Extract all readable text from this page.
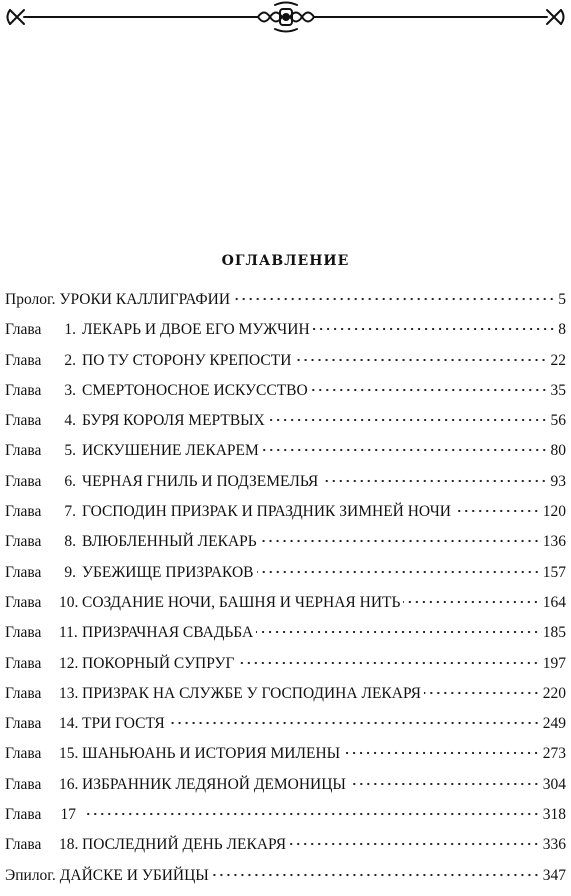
оглавление
Пролог. УРОКИ КАЛЛИГРАФИИ	5
Глава	1. ЛЕКАРЬ И ДВОЕ ЕГО МУЖЧИН	8
Глава	2. ПО ТУ СТОРОНУ КРЕПОСТИ	22
Глава	3. СМЕРТОНОСНОЕ ИСКУССТВО	35
Глава	4. БУРЯ КОРОЛЯ МЕРТВЫХ	56
Глава	5. ИСКУШЕНИЕ ЛЕКАРЕМ	80
Глава	6. ЧЕРНАЯ ГНИЛЬ И ПОДЗЕМЕЛЬЯ	93
Глава	7. ГОСПОДИН ПРИЗРАК И ПРАЗДНИК ЗИМНЕЙ НОЧИ	120
Глава	8. ВЛЮБЛЕННЫЙ ЛЕКАРЬ	136
Глава	9. УБЕЖИЩЕ ПРИЗРАКОВ	157
Глава	10. СОЗДАНИЕ НОЧИ, БАШНЯ И ЧЕРНАЯ НИТЬ	164
Глава	11. ПРИЗРАЧНАЯ СВАДЬБА	185
Глава	12. ПОКОРНЫЙ СУПРУГ	197
Глава	13. ПРИЗРАК НА СЛУЖБЕ У ГОСПОДИНА ЛЕКАРЯ	220
Глава	14. ТРИ ГОСТЯ	249
Глава	15. ШАНЬЮАНЬ И ИСТОРИЯ МИЛЕНЫ	273
Глава	16. ИЗБРАННИК ЛЕДЯНОЙ ДЕМОНИЦЫ	304
Глава	17	318
Глава	18. ПОСЛЕДНИЙ ДЕНЬ ЛЕКАРЯ	336
Эпилог. ДАЙСКЕ И УБИЙЦЫ	347
